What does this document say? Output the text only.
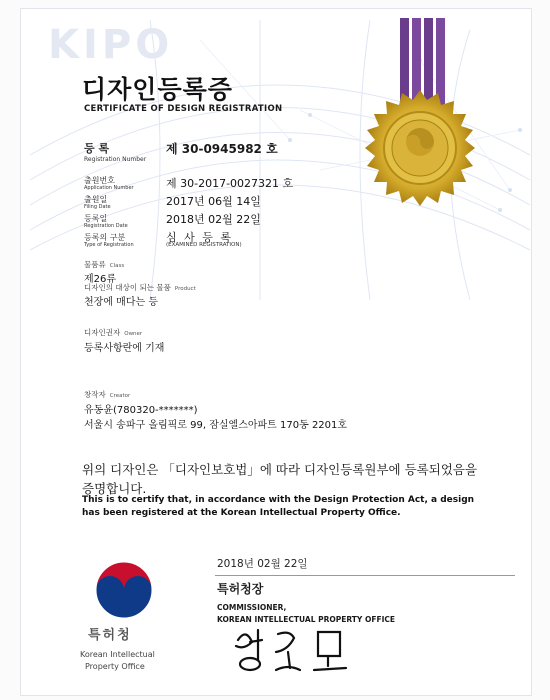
KIPO
디자인등록증
CERTIFICATE OF DESIGN REGISTRATION
등 록
Registration Number
제 30-0945982 호
출원번호
Application Number	제 30-2017-0027321 호
출원일
Filing Date	2017년 06월 14일
등록일
Registration Date	2018년 02월 22일
등록의 구분
Type of Registration
심 사 등 록
(EXAMINED REGISTRATION)
물품류 Class
제26류
디자인의 대상이 되는 물품 Product
천장에 매다는 등
디자인권자 Owner
등록사항란에 기재
창작자 Creator
유동윤(780320-*******)
서울시 송파구 올림픽로 99, 잠실엘스아파트 170동 2201호
위의 디자인은 「디자인보호법」에 따라 디자인등록원부에 등록되었음을
증명합니다.
This is to certify that, in accordance with the Design Protection Act, a design
has been registered at the Korean Intellectual Property Office.
2018년 02월 22일
특허청장
COMMISSIONER,
KOREAN INTELLECTUAL PROPERTY OFFICE
특허청
Korean Intellectual
Property Office
